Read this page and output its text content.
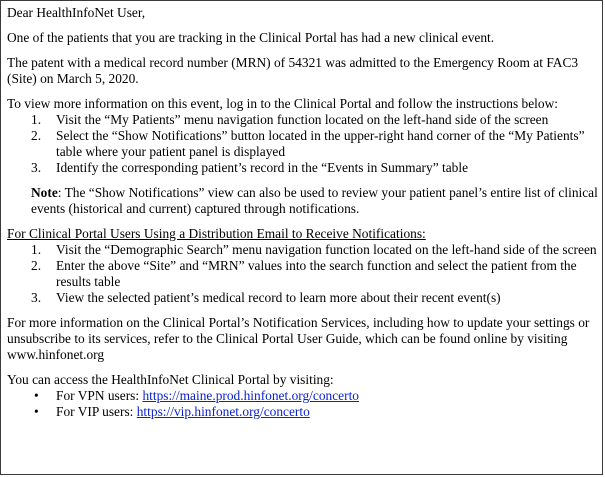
Dear HealthInfoNet User,

One of the patients that you are tracking in the Clinical Portal has had a new clinical event.

The patent with a medical record number (MRN) of 54321 was admitted to the Emergency Room at FAC3 (Site) on March 5, 2020.

To view more information on this event, log in to the Clinical Portal and follow the instructions below:

1. Visit the “My Patients” menu navigation function located on the left-hand side of the screen
2. Select the “Show Notifications” button located in the upper-right hand corner of the “My Patients” table where your patient panel is displayed
3. Identify the corresponding patient’s record in the “Events in Summary” table

Note: The “Show Notifications” view can also be used to review your patient panel’s entire list of clinical events (historical and current) captured through notifications.

For Clinical Portal Users Using a Distribution Email to Receive Notifications:

1. Visit the “Demographic Search” menu navigation function located on the left-hand side of the screen
2. Enter the above “Site” and “MRN” values into the search function and select the patient from the results table
3. View the selected patient’s medical record to learn more about their recent event(s)

For more information on the Clinical Portal’s Notification Services, including how to update your settings or unsubscribe to its services, refer to the Clinical Portal User Guide, which can be found online by visiting www.hinfonet.org

You can access the HealthInfoNet Clinical Portal by visiting:

• For VPN users: https://maine.prod.hinfonet.org/concerto
• For VIP users: https://vip.hinfonet.org/concerto
